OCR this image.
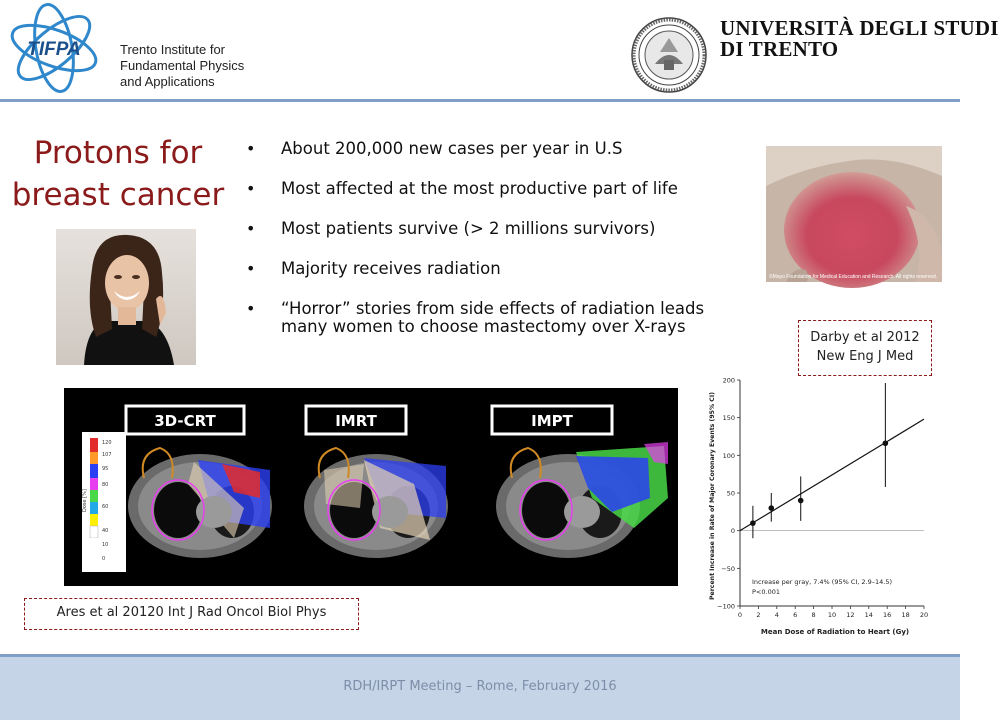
TIFPA	Trento Institute for
Fundamental Physics
and Applications
UNIVERSITÀ DEGLI STUDI
DI TRENTO
Protons for
breast cancer
• About 200,000 new cases per year in U.S
• Most affected at the most productive part of life
• Most patients survive (> 2 millions survivors)
• Majority receives radiation
• “Horror” stories from side effects of radiation leads
many women to choose mastectomy over X-rays
©Mayo Foundation for Medical Education and Research. All rights reserved.
Darby et al 2012
New Eng J Med
120
107
95
80
60
40
10
0
Dose [%]
3D-CRT	IMRT	IMPT
Ares et al 20120 Int J Rad Oncol Biol Phys	−100
−50
0
50
100
150
200
0 2 4 6 8 10 12 14 16 18 20
Percent Increase in Rate of Major Coronary Events (95% CI)
Mean Dose of Radiation to Heart (Gy)
Increase per gray, 7.4% (95% CI, 2.9–14.5)
P<0.001
RDH/IRPT Meeting – Rome, February 2016
